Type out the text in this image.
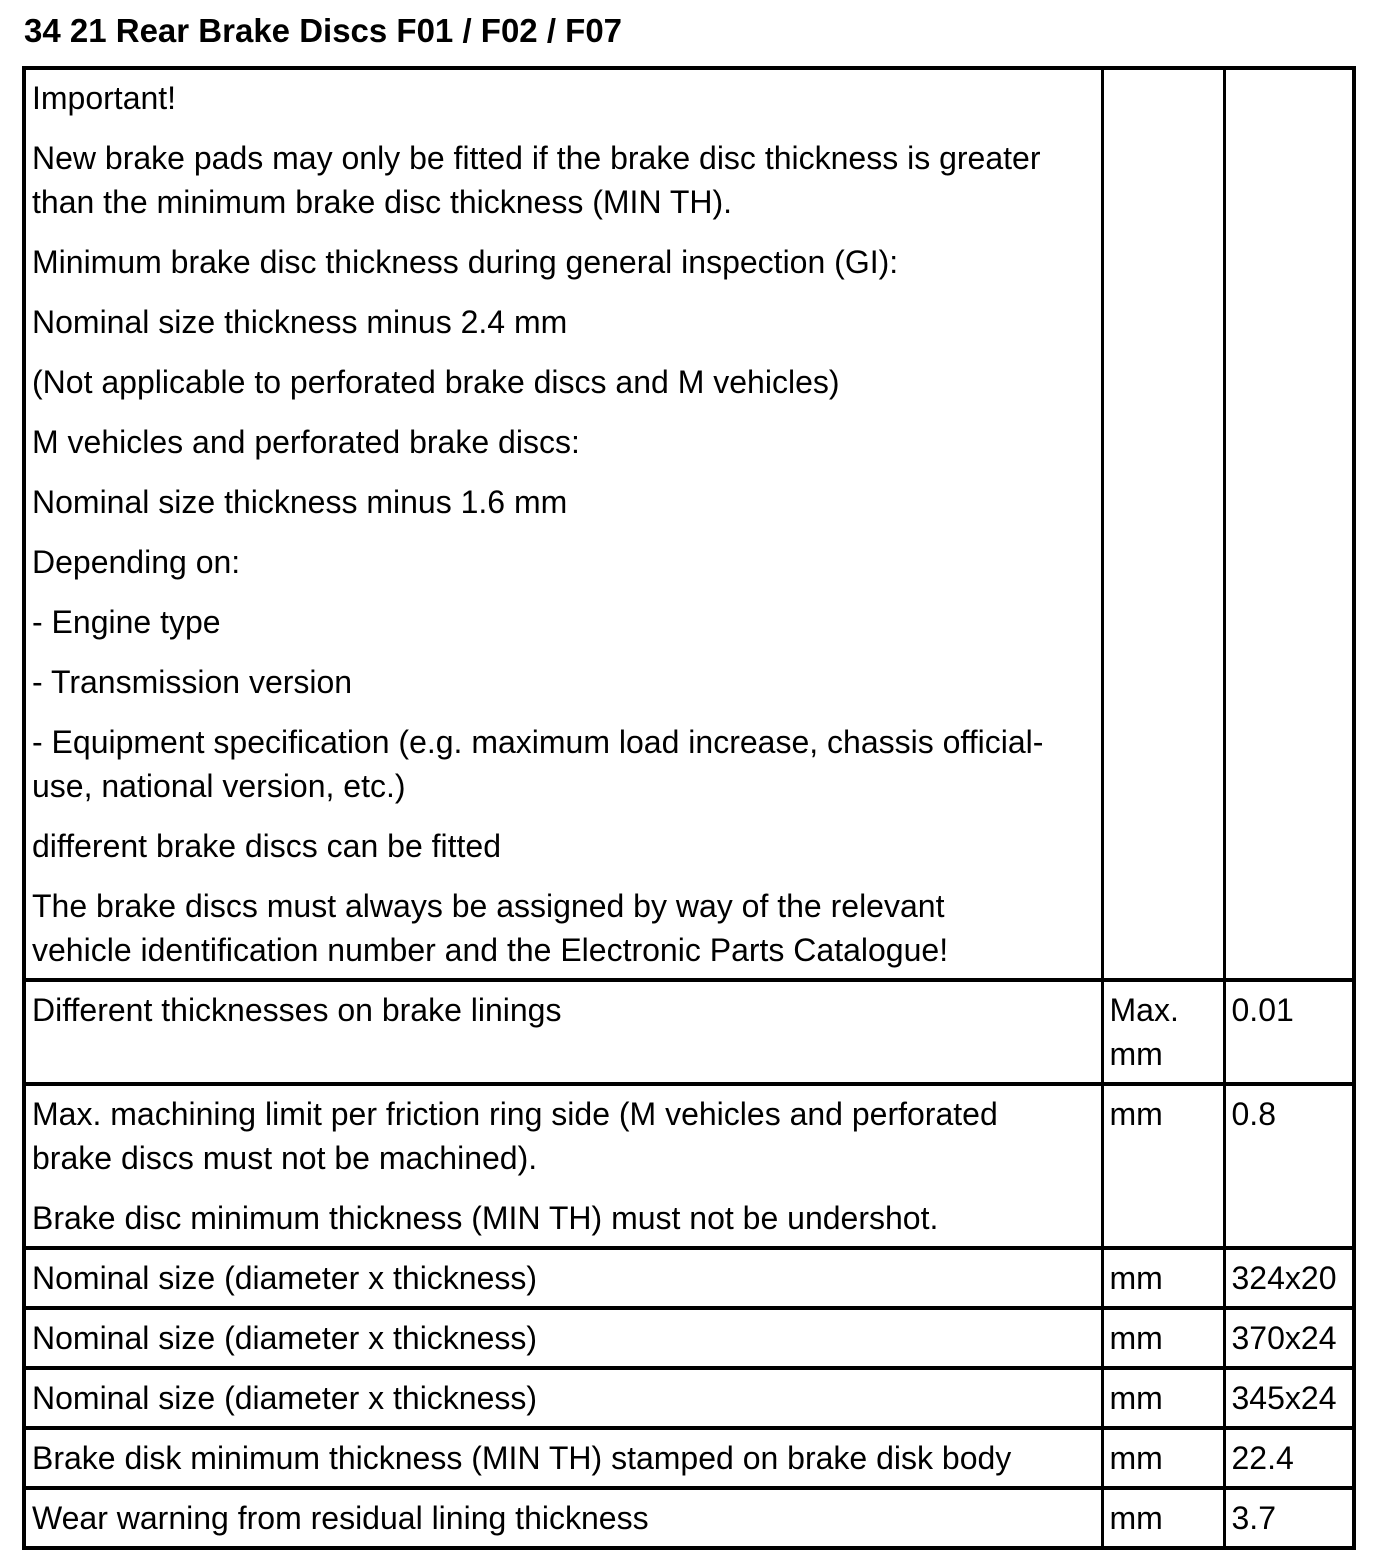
34 21 Rear Brake Discs F01 / F02 / F07
Important!
New brake pads may only be fitted if the brake disc thickness is greater
than the minimum brake disc thickness (MIN TH).
Minimum brake disc thickness during general inspection (GI):
Nominal size thickness minus 2.4 mm
(Not applicable to perforated brake discs and M vehicles)
M vehicles and perforated brake discs:
Nominal size thickness minus 1.6 mm
Depending on:
- Engine type
- Transmission version
- Equipment specification (e.g. maximum load increase, chassis official-
use, national version, etc.)
different brake discs can be fitted
The brake discs must always be assigned by way of the relevant
vehicle identification number and the Electronic Parts Catalogue!

Different thicknesses on brake linings	Max. mm	0.01

Max. machining limit per friction ring side (M vehicles and perforated
brake discs must not be machined).
Brake disc minimum thickness (MIN TH) must not be undershot.	mm	0.8

Nominal size (diameter x thickness)	mm	324x20

Nominal size (diameter x thickness)	mm	370x24

Nominal size (diameter x thickness)	mm	345x24

Brake disk minimum thickness (MIN TH) stamped on brake disk body	mm	22.4

Wear warning from residual lining thickness	mm	3.7
